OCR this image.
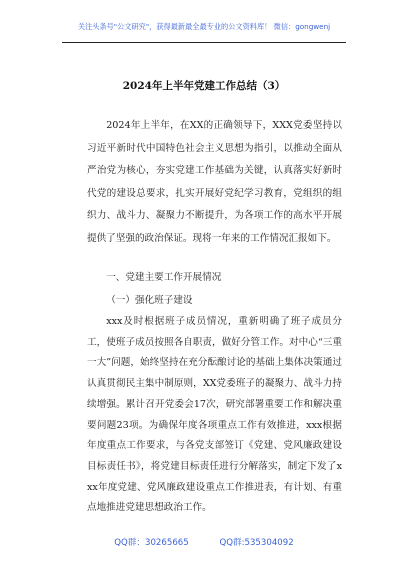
关注头条号"公文研究"，获得最新最全最专业的公文资料库！ 微信：gongwenj
2024年上半年党建工作总结（3）
2024年上半年，在XX的正确领导下，XXX党委坚持以习近平新时代中国特色社会主义思想为指引，以推动全面从严治党为核心，夯实党建工作基础为关键，认真落实好新时代党的建设总要求，扎实开展好党纪学习教育，党组织的组织力、战斗力、凝聚力不断提升，为各项工作的高水平开展提供了坚强的政治保证。现将一年来的工作情况汇报如下。
一、党建主要工作开展情况
（一）强化班子建设
xxx及时根据班子成员情况，重新明确了班子成员分工，使班子成员按照各自职责，做好分管工作。对中心“三重一大”问题，始终坚持在充分酝酿讨论的基础上集体决策通过认真贯彻民主集中制原则，XX党委班子的凝聚力、战斗力持续增强。累计召开党委会17次，研究部署重要工作和解决重要问题23项。为确保年度各项重点工作有效推进，xxx根据年度重点工作要求，与各党支部签订《党建、党风廉政建设目标责任书》，将党建目标责任进行分解落实，制定下发了xxx年度党建、党风廉政建设重点工作推进表，有计划、有重点地推进党建思想政治工作。
QQ群：30265665	QQ群:535304092
